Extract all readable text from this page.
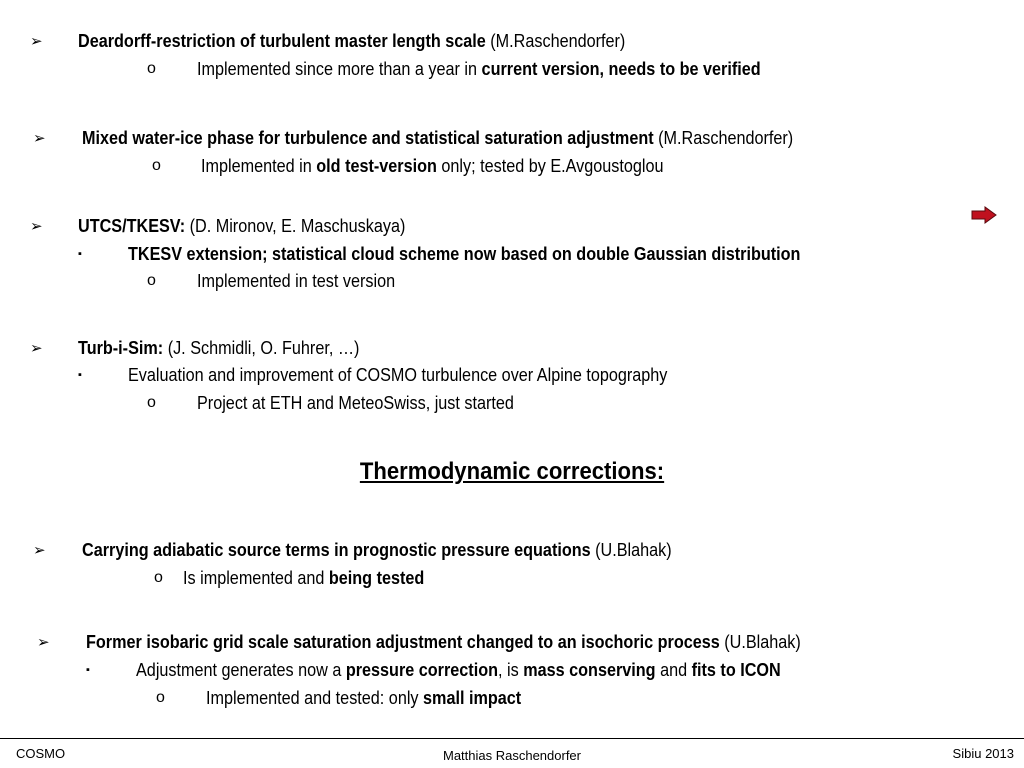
➢ Deardorff-restriction of turbulent master length scale (M.Raschendorfer)
o Implemented since more than a year in current version, needs to be verified
➢ Mixed water-ice phase for turbulence and statistical saturation adjustment (M.Raschendorfer)
o Implemented in old test-version only; tested by E.Avgoustoglou
➢ UTCS/TKESV: (D. Mironov, E. Maschuskaya)
▪	TKESV extension; statistical cloud scheme now based on double Gaussian distribution
o Implemented in test version
➢ Turb-i-Sim: (J. Schmidli, O. Fuhrer, …)
▪	Evaluation and improvement of COSMO turbulence over Alpine topography
o Project at ETH and MeteoSwiss, just started
Thermodynamic corrections:
➢ Carrying adiabatic source terms in prognostic pressure equations (U.Blahak)
o Is implemented and being tested
➢ Former isobaric grid scale saturation adjustment changed to an isochoric process (U.Blahak)
▪	Adjustment generates now a pressure correction, is mass conserving and fits to ICON
o Implemented and tested: only small impact
COSMO	Matthias Raschendorfer	Sibiu 2013
